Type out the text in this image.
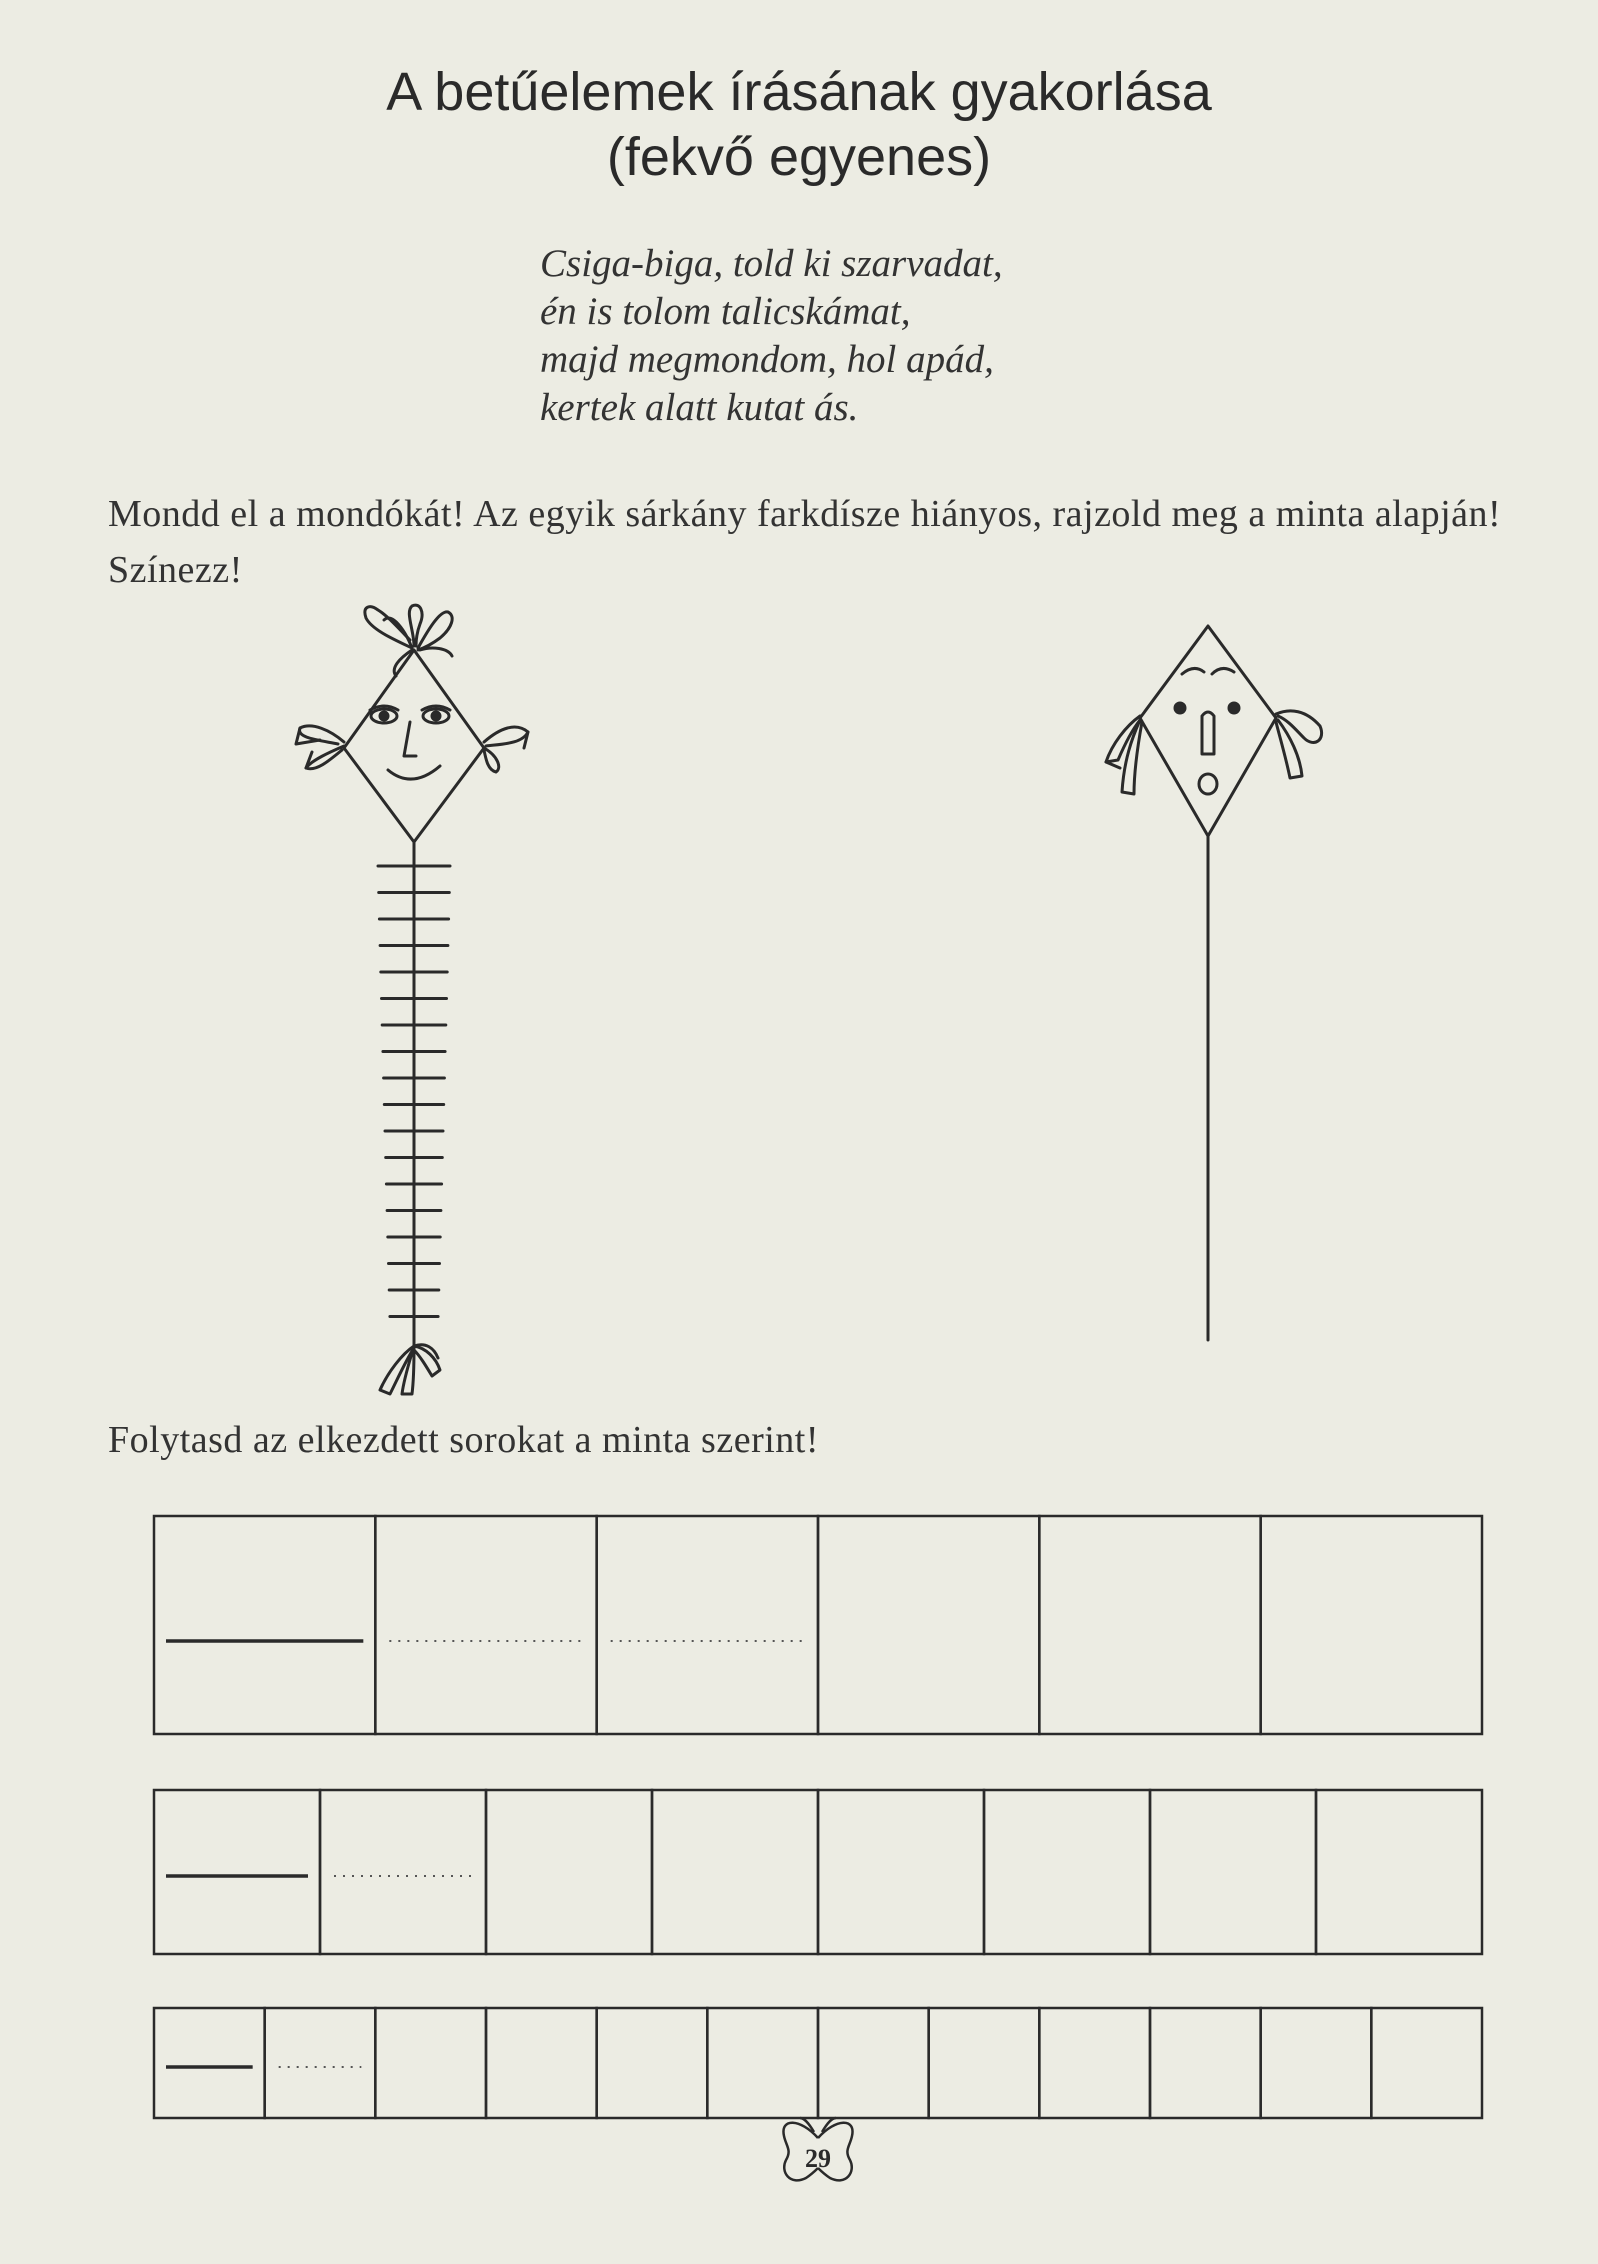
A betűelemek írásának gyakorlása
(fekvő egyenes)
Csiga-biga, told ki szarvadat,
én is tolom talicskámat,
majd megmondom, hol apád,
kertek alatt kutat ás.
Mondd el a mondókát! Az egyik sárkány farkdísze hiányos, rajzold meg a minta alapján! Színezz!
Folytasd az elkezdett sorokat a minta szerint!
29
